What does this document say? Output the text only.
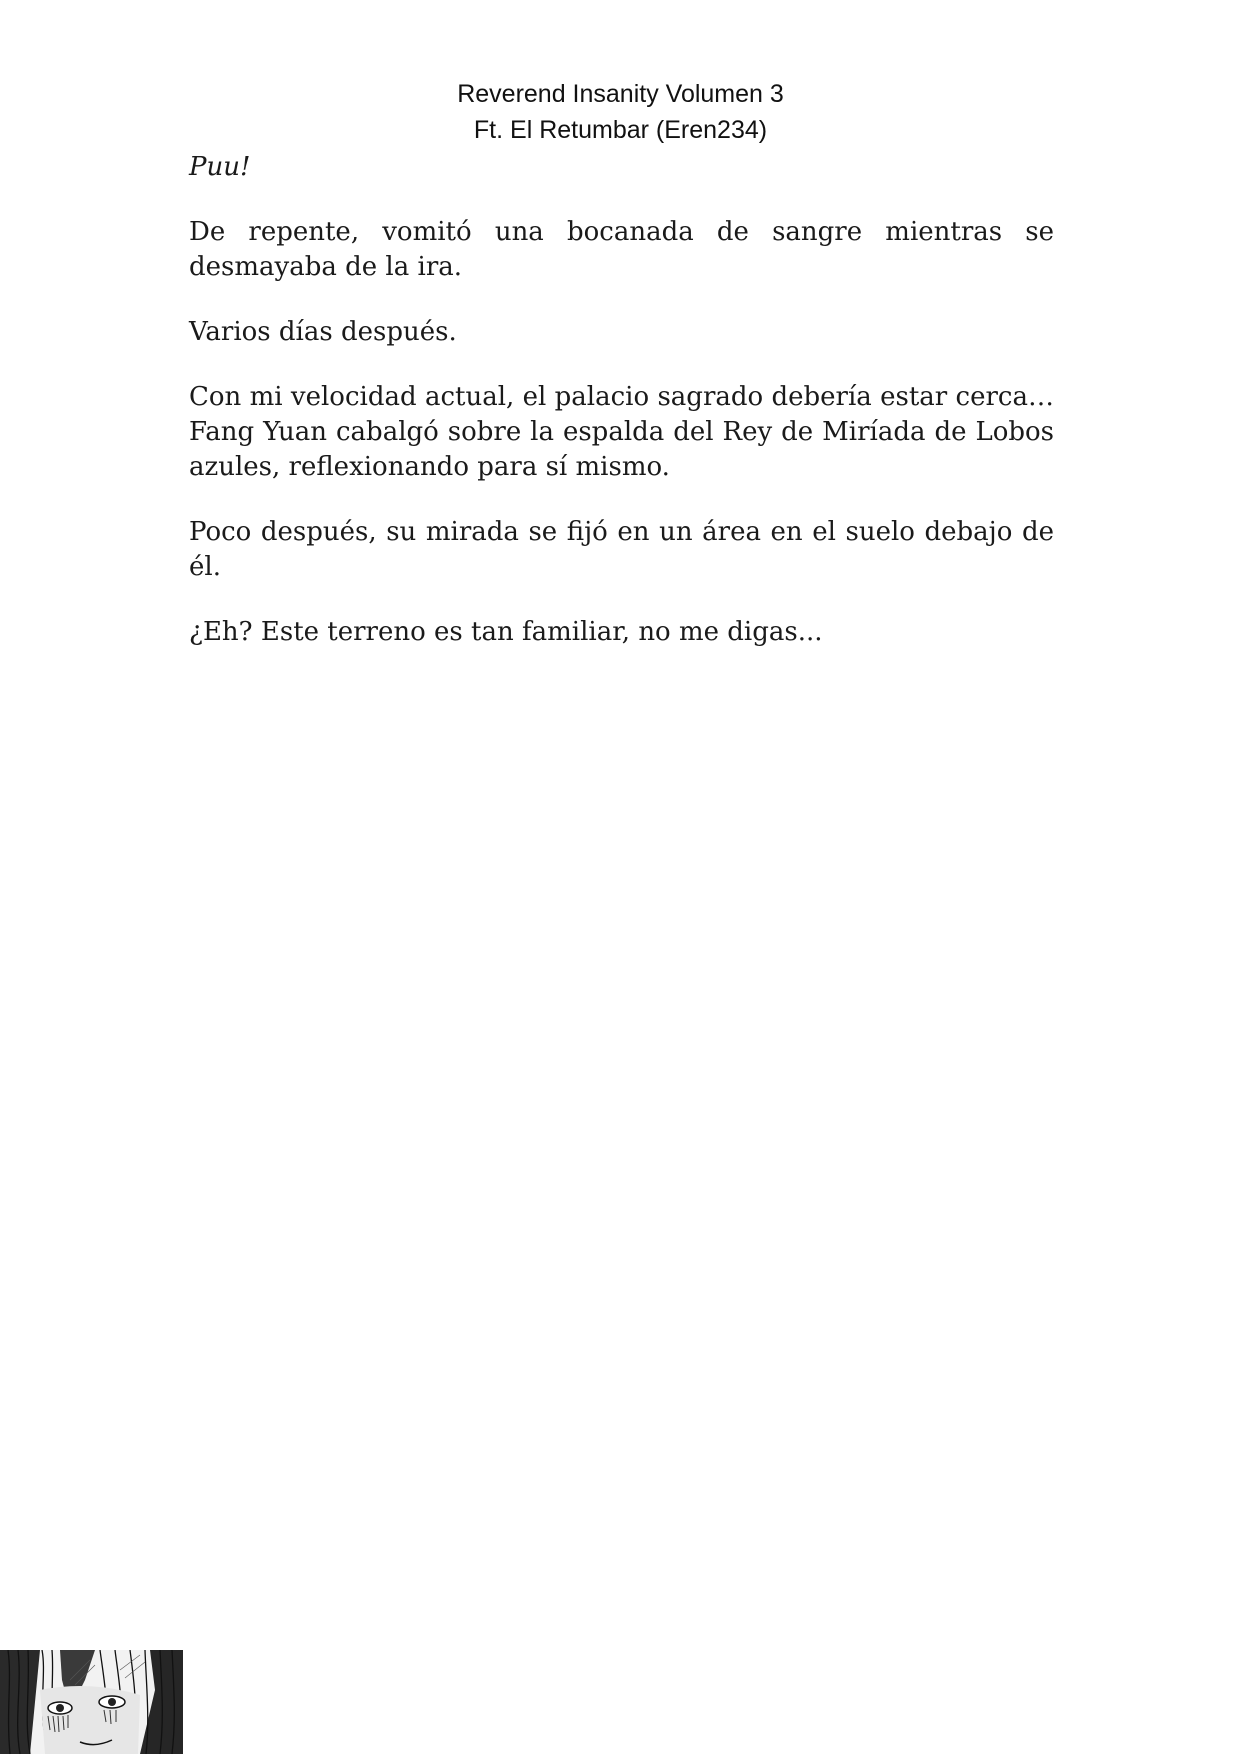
Reverend Insanity Volumen 3
Ft. El Retumbar (Eren234)

Puu!

De repente, vomitó una bocanada de sangre mientras se desmayaba de la ira.

Varios días después.

Con mi velocidad actual, el palacio sagrado debería estar cerca… Fang Yuan cabalgó sobre la espalda del Rey de Miríada de Lobos azules, reflexionando para sí mismo.

Poco después, su mirada se fijó en un área en el suelo debajo de él.

¿Eh? Este terreno es tan familiar, no me digas...
